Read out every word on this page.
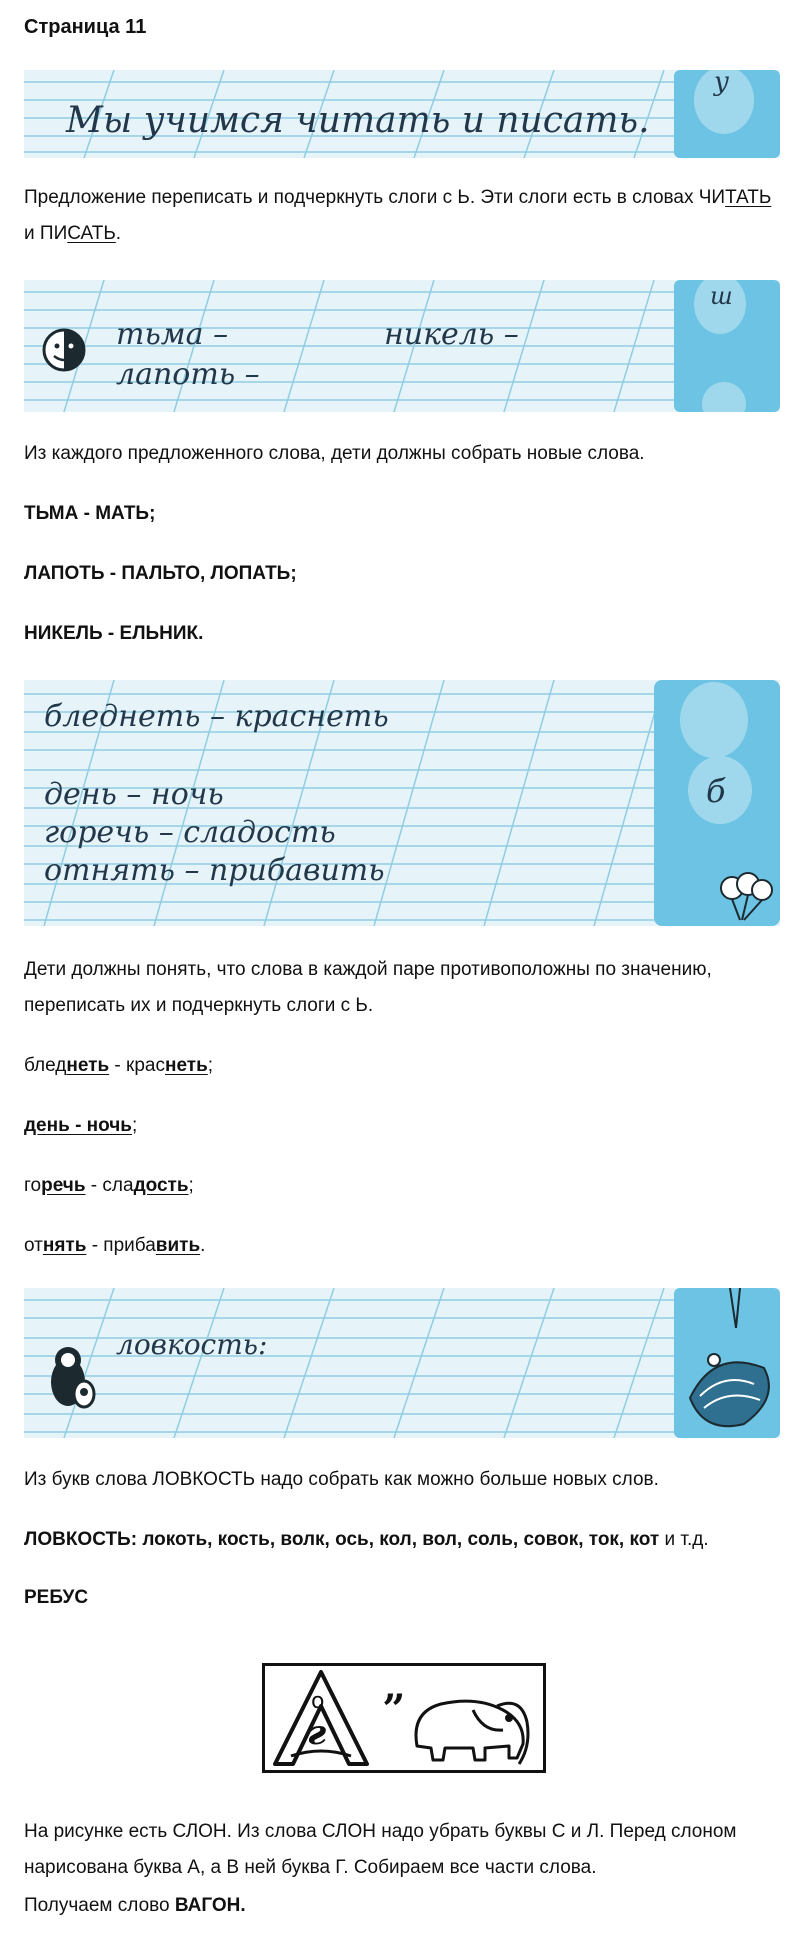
Страница 11
у
Мы учимся читать и писать.
Предложение переписать и подчеркнуть слоги с Ь. Эти слоги есть в словах ЧИТАТЬ и ПИСАТЬ.
ш
тьма –
лапоть –
никель –
Из каждого предложенного слова, дети должны собрать новые слова.
ТЬМА - МАТЬ;
ЛАПОТЬ - ПАЛЬТО, ЛОПАТЬ;
НИКЕЛЬ - ЕЛЬНИК.
б
бледнеть – краснеть
день – ночь
горечь – сладость
отнять – прибавить
Дети должны понять, что слова в каждой паре противоположны по значению, переписать их и подчеркнуть слоги с Ь.
бледнеть - краснеть;
день - ночь;
горечь - сладость;
отнять - прибавить.
ловкость:
Из букв слова ЛОВКОСТЬ надо собрать как можно больше новых слов.
ЛОВКОСТЬ: локоть, кость, волк, ось, кол, вол, соль, совок, ток, кот и т.д.
РЕБУС
о
г
„
На рисунке есть СЛОН. Из слова СЛОН надо убрать буквы С и Л. Перед слоном нарисована буква А, а В ней буква Г. Собираем все части слова.
Получаем слово ВАГОН.
